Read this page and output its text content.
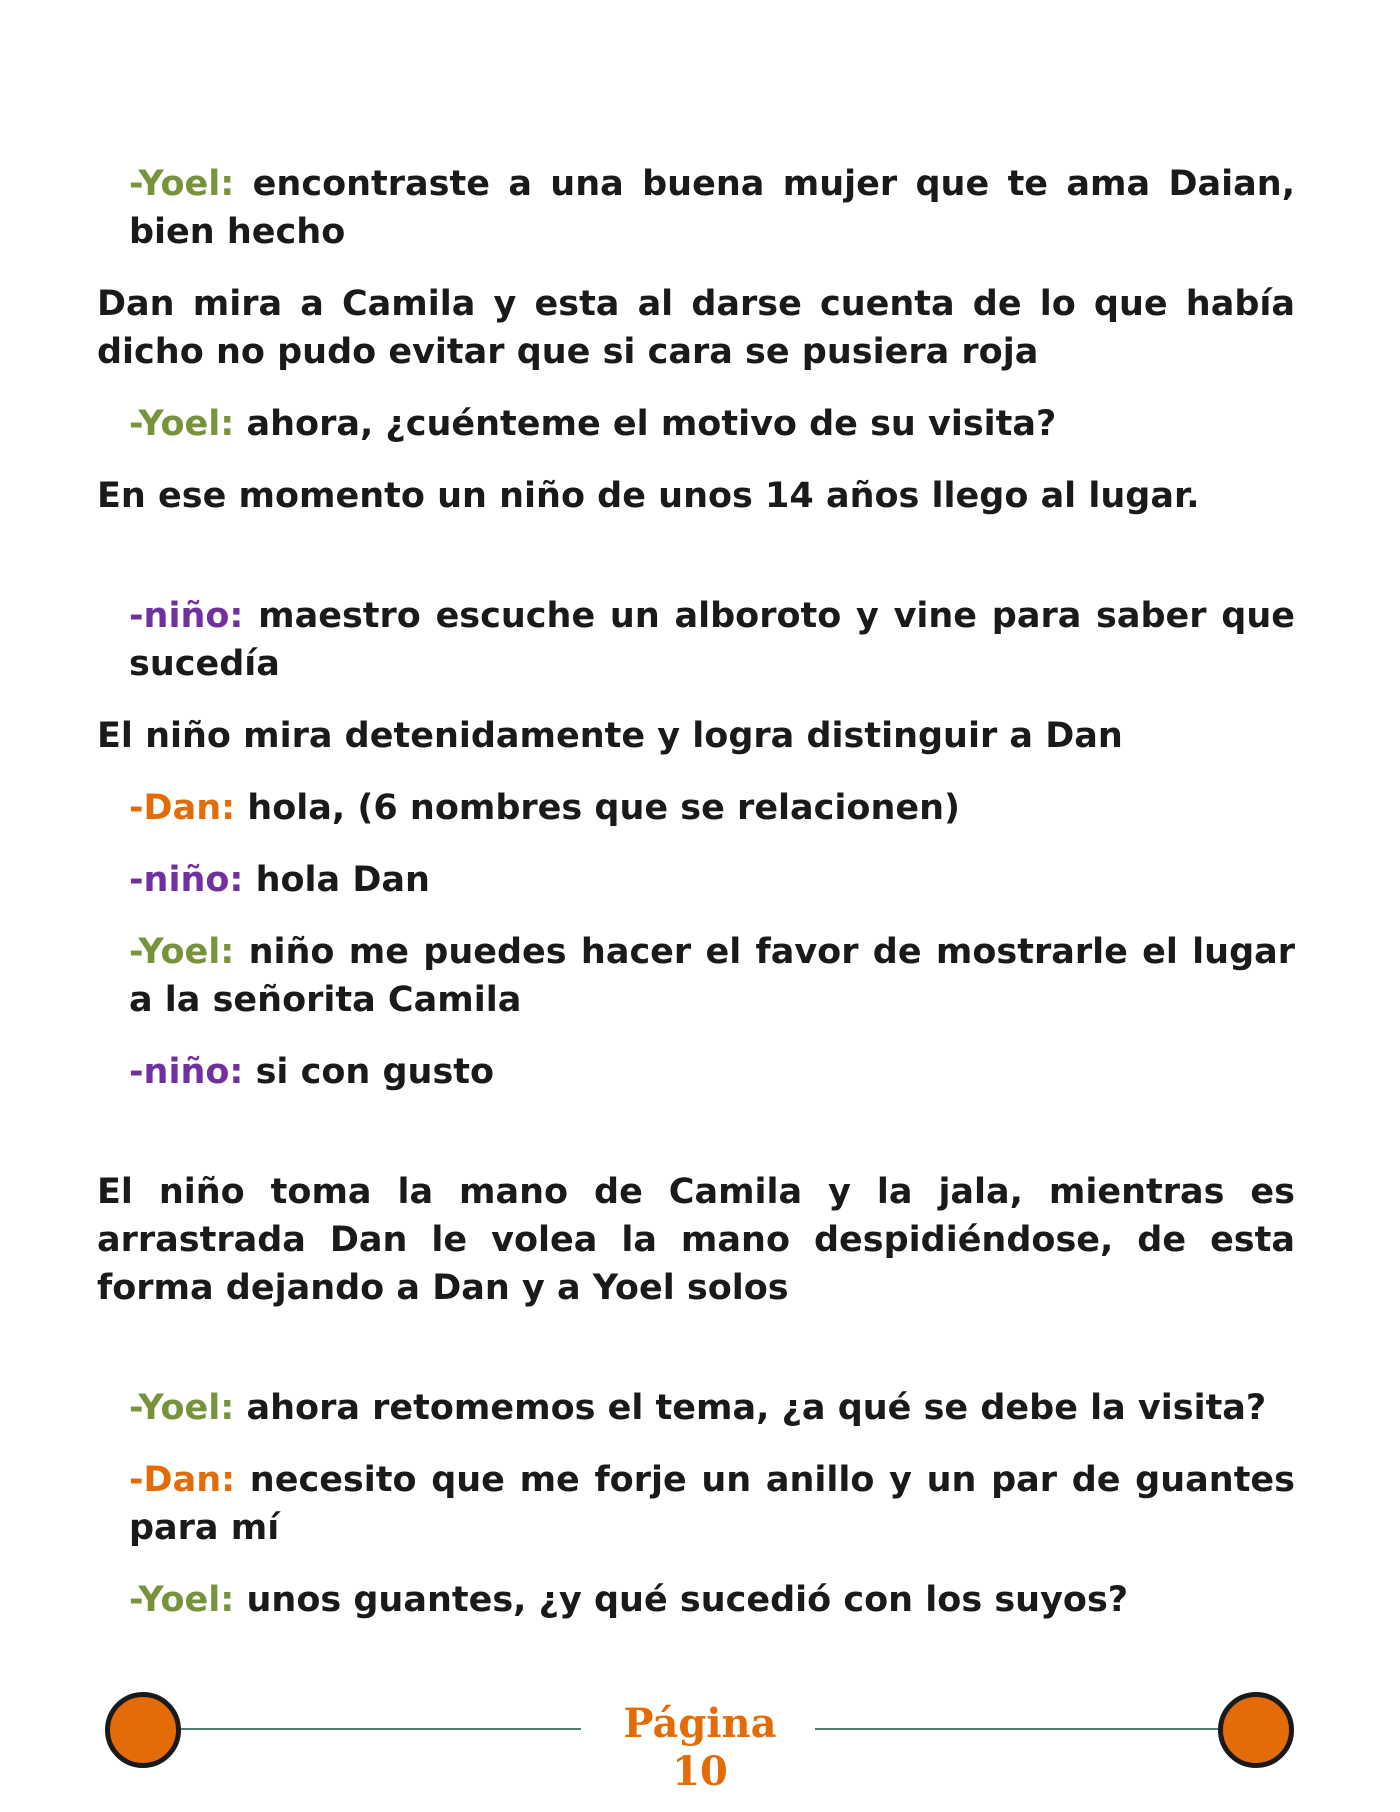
-Yoel: encontraste a una buena mujer que te ama Daian, bien hecho

Dan mira a Camila y esta al darse cuenta de lo que había dicho no pudo evitar que si cara se pusiera roja

-Yoel: ahora, ¿cuénteme el motivo de su visita?

En ese momento un niño de unos 14 años llego al lugar.

-niño: maestro escuche un alboroto y vine para saber que sucedía

El niño mira detenidamente y logra distinguir a Dan

-Dan: hola, (6 nombres que se relacionen)

-niño: hola Dan

-Yoel: niño me puedes hacer el favor de mostrarle el lugar a la señorita Camila

-niño: si con gusto

El niño toma la mano de Camila y la jala, mientras es arrastrada Dan le volea la mano despidiéndose, de esta forma dejando a Dan y a Yoel solos

-Yoel: ahora retomemos el tema, ¿a qué se debe la visita?

-Dan: necesito que me forje un anillo y un par de guantes para mí

-Yoel: unos guantes, ¿y qué sucedió con los suyos?

Página
10
